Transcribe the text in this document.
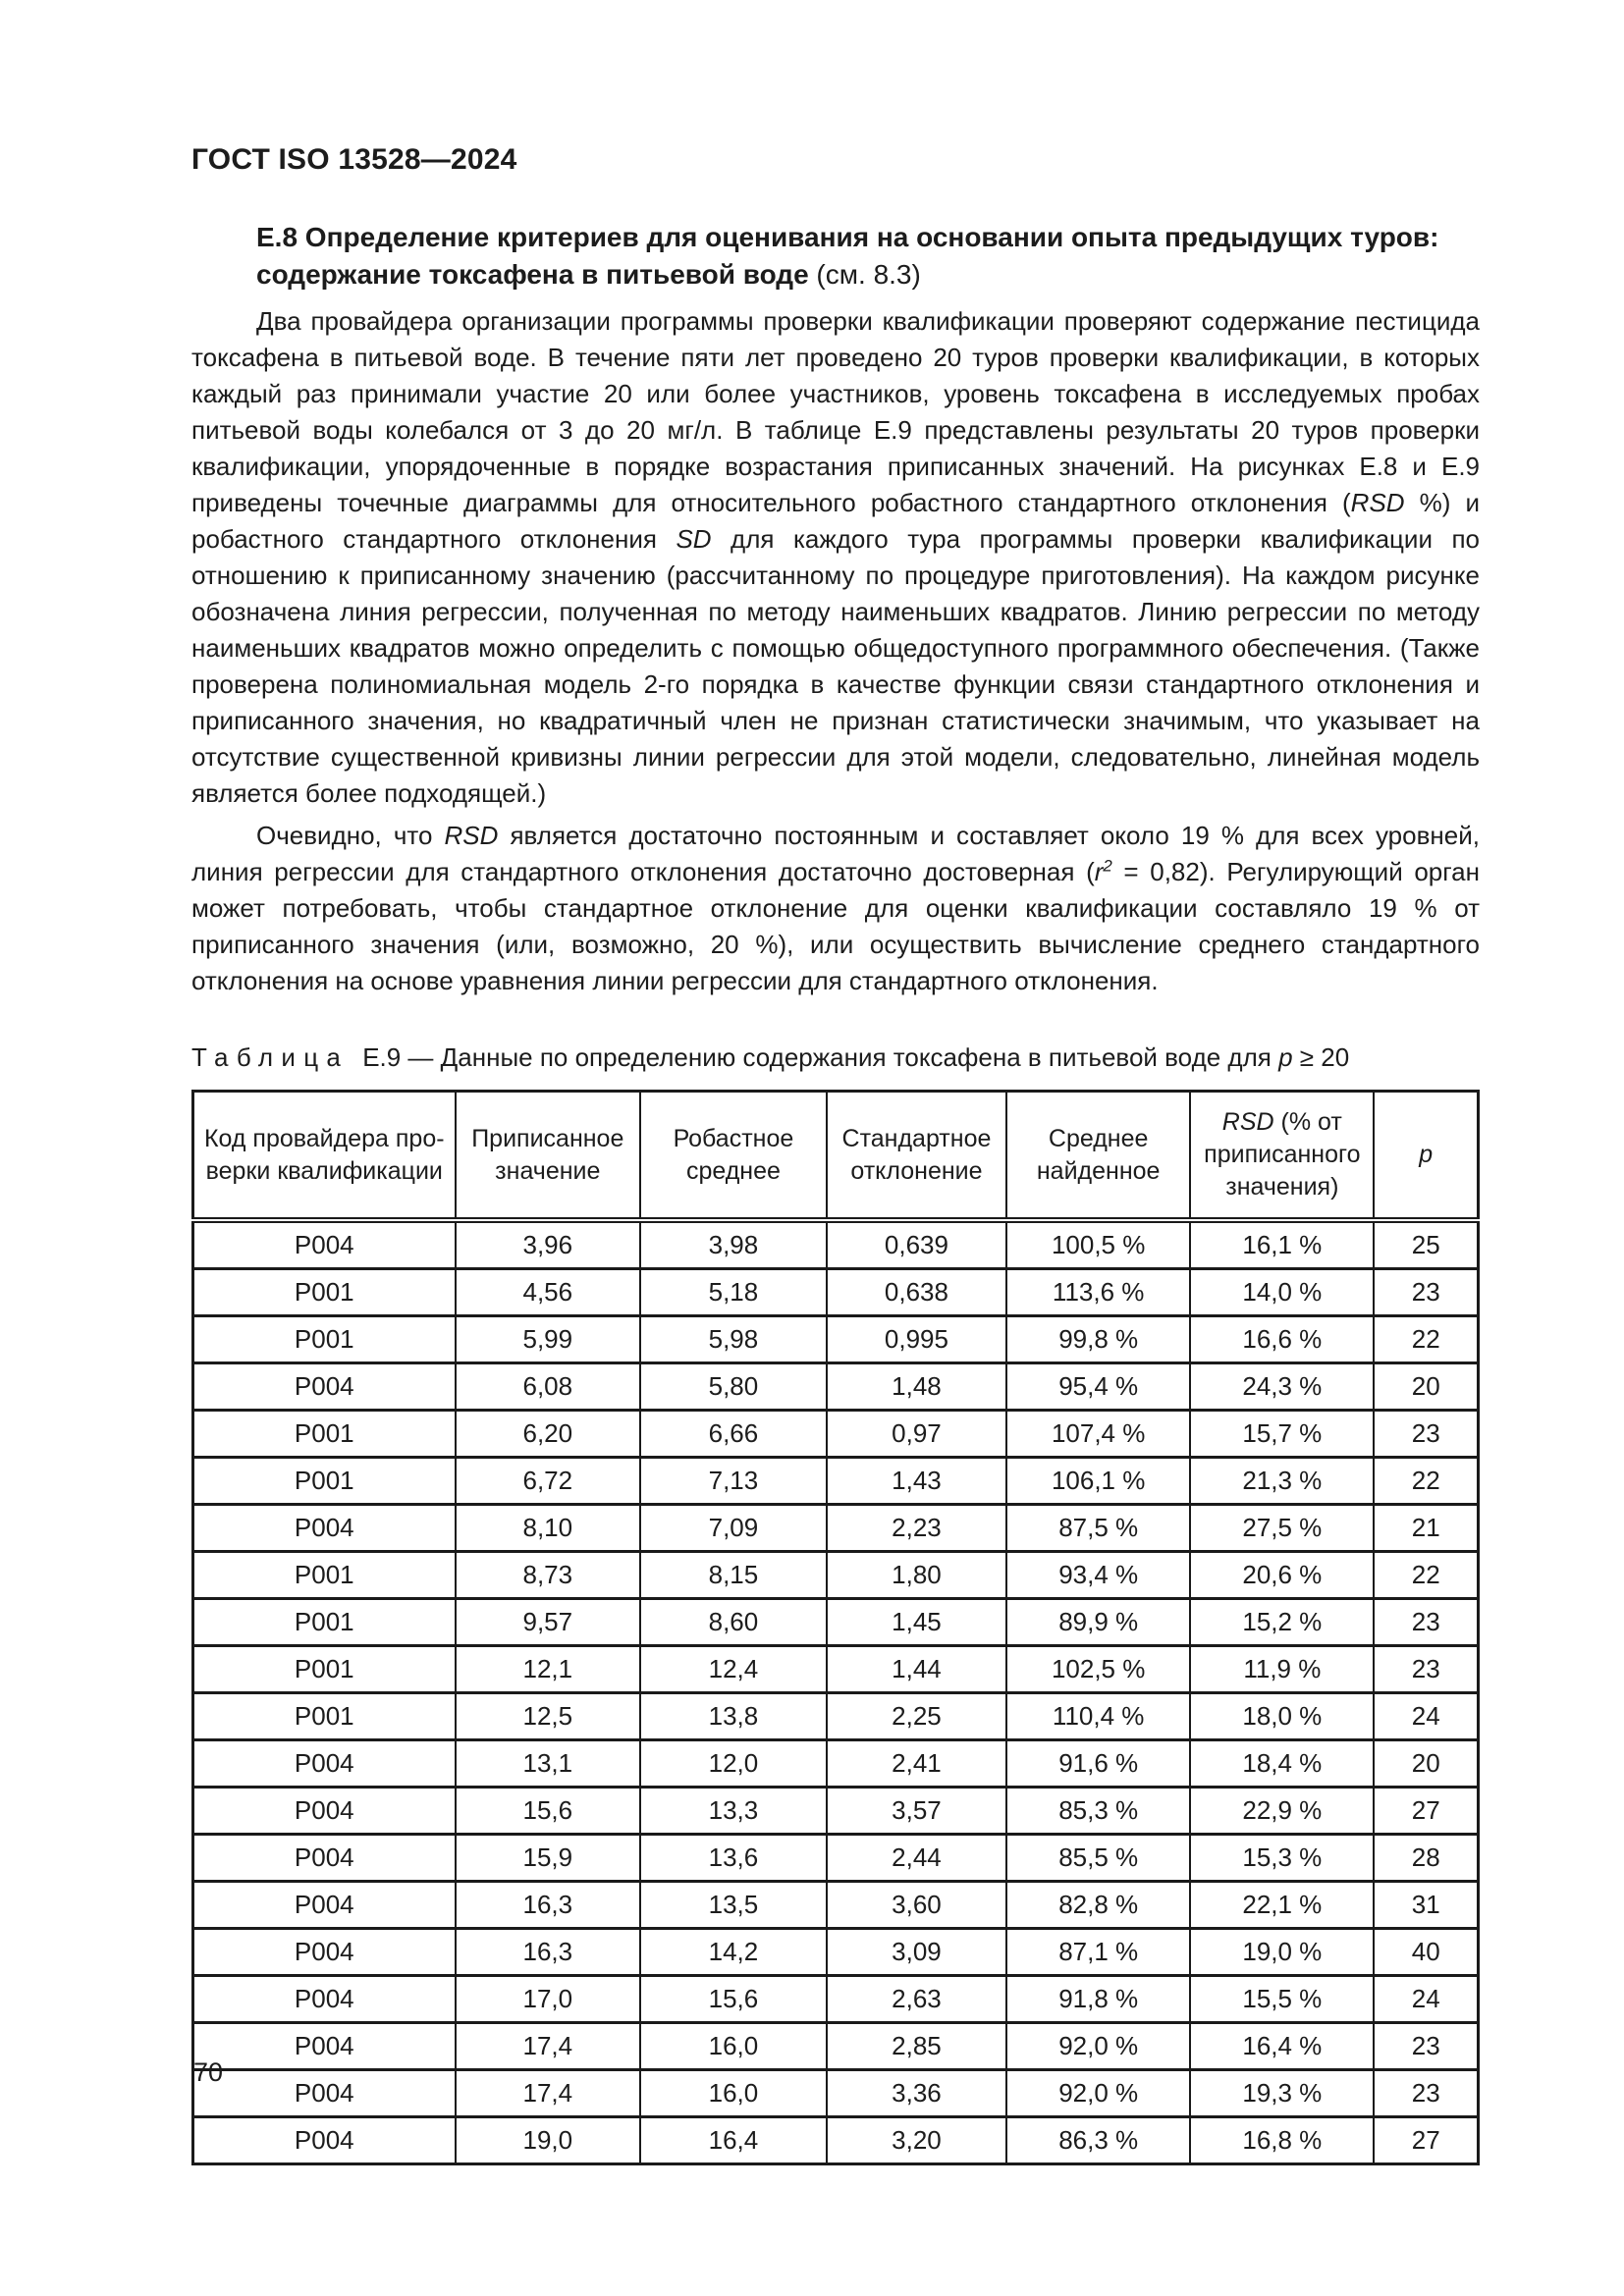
ГОСТ ISO 13528—2024
Е.8 Определение критериев для оценивания на основании опыта предыдущих туров: содержание токсафена в питьевой воде (см. 8.3)

Два провайдера организации программы проверки квалификации проверяют содержание пестицида токсафена в питьевой воде. В течение пяти лет проведено 20 туров проверки квалификации, в которых каждый раз принимали участие 20 или более участников, уровень токсафена в исследуемых пробах питьевой воды колебался от 3 до 20 мг/л. В таблице Е.9 представлены результаты 20 туров проверки квалификации, упорядоченные в порядке возрастания приписанных значений. На рисунках Е.8 и Е.9 приведены точечные диаграммы для относительного робастного стандартного отклонения (RSD %) и робастного стандартного отклонения SD для каждого тура программы проверки квалификации по отношению к приписанному значению (рассчитанному по процедуре приготовления). На каждом рисунке обозначена линия регрессии, полученная по методу наименьших квадратов. Линию регрессии по методу наименьших квадратов можно определить с помощью общедоступного программного обеспечения. (Также проверена полиномиальная модель 2-го порядка в качестве функции связи стандартного отклонения и приписанного значения, но квадратичный член не признан статистически значимым, что указывает на отсутствие существенной кривизны линии регрессии для этой модели, следовательно, линейная модель является более подходящей.)

Очевидно, что RSD является достаточно постоянным и составляет около 19 % для всех уровней, линия регрессии для стандартного отклонения достаточно достоверная $(r^2 = 0,82)$. Регулирующий орган может потребовать, чтобы стандартное отклонение для оценки квалификации составляло 19 % от приписанного значения (или, возможно, 20 %), или осуществить вычисление среднего стандартного отклонения на основе уравнения линии регрессии для стандартного отклонения.

Таблица Е.9 — Данные по определению содержания токсафена в питьевой воде для p ≥ 20

Код провайдера про-
верки квалификации	Приписанное значение	Робастное среднее	Стандартное отклонение	Среднее найденное	RSD (% от приписанного значения)	p
P004	3,96	3,98	0,639	100,5 %	16,1 %	25
P001	4,56	5,18	0,638	113,6 %	14,0 %	23
P001	5,99	5,98	0,995	99,8 %	16,6 %	22
P004	6,08	5,80	1,48	95,4 %	24,3 %	20
P001	6,20	6,66	0,97	107,4 %	15,7 %	23
P001	6,72	7,13	1,43	106,1 %	21,3 %	22
P004	8,10	7,09	2,23	87,5 %	27,5 %	21
P001	8,73	8,15	1,80	93,4 %	20,6 %	22
P001	9,57	8,60	1,45	89,9 %	15,2 %	23
P001	12,1	12,4	1,44	102,5 %	11,9 %	23
P001	12,5	13,8	2,25	110,4 %	18,0 %	24
P004	13,1	12,0	2,41	91,6 %	18,4 %	20
P004	15,6	13,3	3,57	85,3 %	22,9 %	27
P004	15,9	13,6	2,44	85,5 %	15,3 %	28
P004	16,3	13,5	3,60	82,8 %	22,1 %	31
P004	16,3	14,2	3,09	87,1 %	19,0 %	40
P004	17,0	15,6	2,63	91,8 %	15,5 %	24
P004	17,4	16,0	2,85	92,0 %	16,4 %	23
P004	17,4	16,0	3,36	92,0 %	19,3 %	23
P004	19,0	16,4	3,20	86,3 %	16,8 %	27
70
